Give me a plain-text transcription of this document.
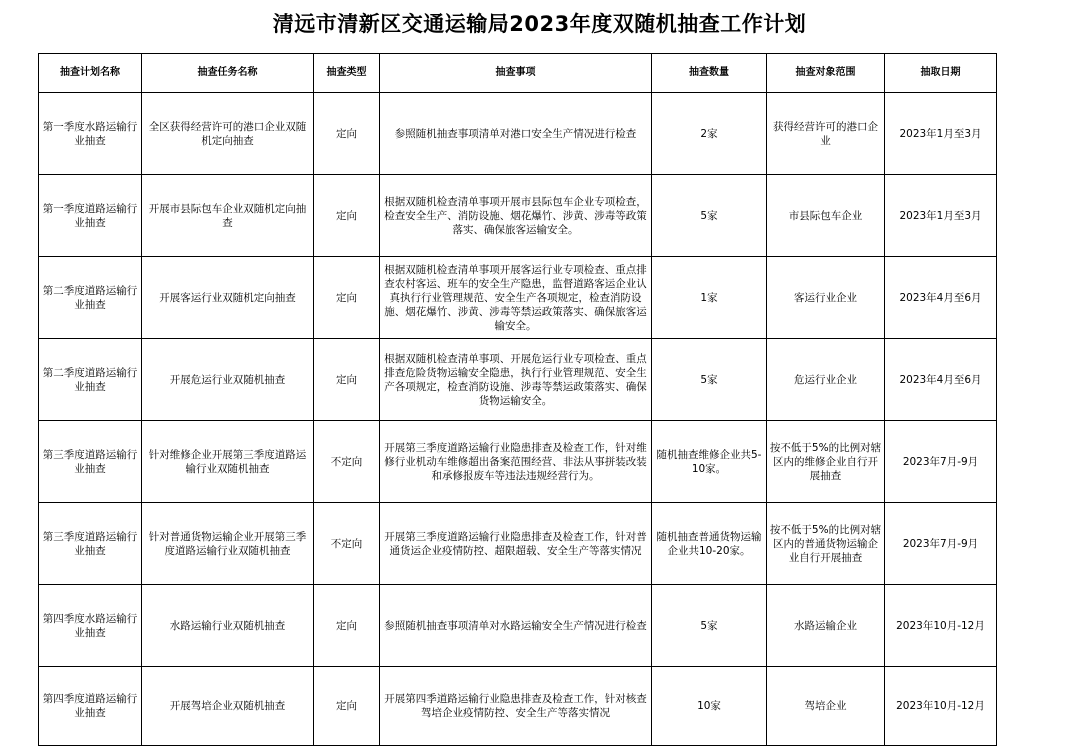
清远市清新区交通运输局2023年度双随机抽查工作计划
抽查计划名称	抽查任务名称	抽查类型	抽查事项	抽查数量	抽查对象范围	抽取日期
第一季度水路运输行业抽查	全区获得经营许可的港口企业双随机定向抽查	定向	参照随机抽查事项清单对港口安全生产情况进行检查	2家	获得经营许可的港口企业	2023年1月至3月
第一季度道路运输行业抽查	开展市县际包车企业双随机定向抽查	定向	根据双随机检查清单事项开展市县际包车企业专项检查，检查安全生产、消防设施、烟花爆竹、涉黄、涉毒等政策落实、确保旅客运输安全。	5家	市县际包车企业	2023年1月至3月
第二季度道路运输行业抽查	开展客运行业双随机定向抽查	定向	根据双随机检查清单事项开展客运行业专项检查、重点排查农村客运、班车的安全生产隐患，监督道路客运企业认真执行行业管理规范、安全生产各项规定，检查消防设施、烟花爆竹、涉黄、涉毒等禁运政策落实、确保旅客运输安全。	1家	客运行业企业	2023年4月至6月
第二季度道路运输行业抽查	开展危运行业双随机抽查	定向	根据双随机检查清单事项、开展危运行业专项检查、重点排查危险货物运输安全隐患，执行行业管理规范、安全生产各项规定，检查消防设施、涉毒等禁运政策落实、确保货物运输安全。	5家	危运行业企业	2023年4月至6月
第三季度道路运输行业抽查	针对维修企业开展第三季度道路运输行业双随机抽查	不定向	开展第三季度道路运输行业隐患排查及检查工作，针对维修行业机动车维修超出备案范围经营、非法从事拼装改装和承修报废车等违法违规经营行为。	随机抽查维修企业共5-10家。	按不低于5%的比例对辖区内的维修企业自行开展抽查	2023年7月-9月
第三季度道路运输行业抽查	针对普通货物运输企业开展第三季度道路运输行业双随机抽查	不定向	开展第三季度道路运输行业隐患排查及检查工作，针对普通货运企业疫情防控、超限超载、安全生产等落实情况	随机抽查普通货物运输企业共10-20家。	按不低于5%的比例对辖区内的普通货物运输企业自行开展抽查	2023年7月-9月
第四季度水路运输行业抽查	水路运输行业双随机抽查	定向	参照随机抽查事项清单对水路运输安全生产情况进行检查	5家	水路运输企业	2023年10月-12月
第四季度道路运输行业抽查	开展驾培企业双随机抽查	定向	开展第四季道路运输行业隐患排查及检查工作，针对核查驾培企业疫情防控、安全生产等落实情况	10家	驾培企业	2023年10月-12月
